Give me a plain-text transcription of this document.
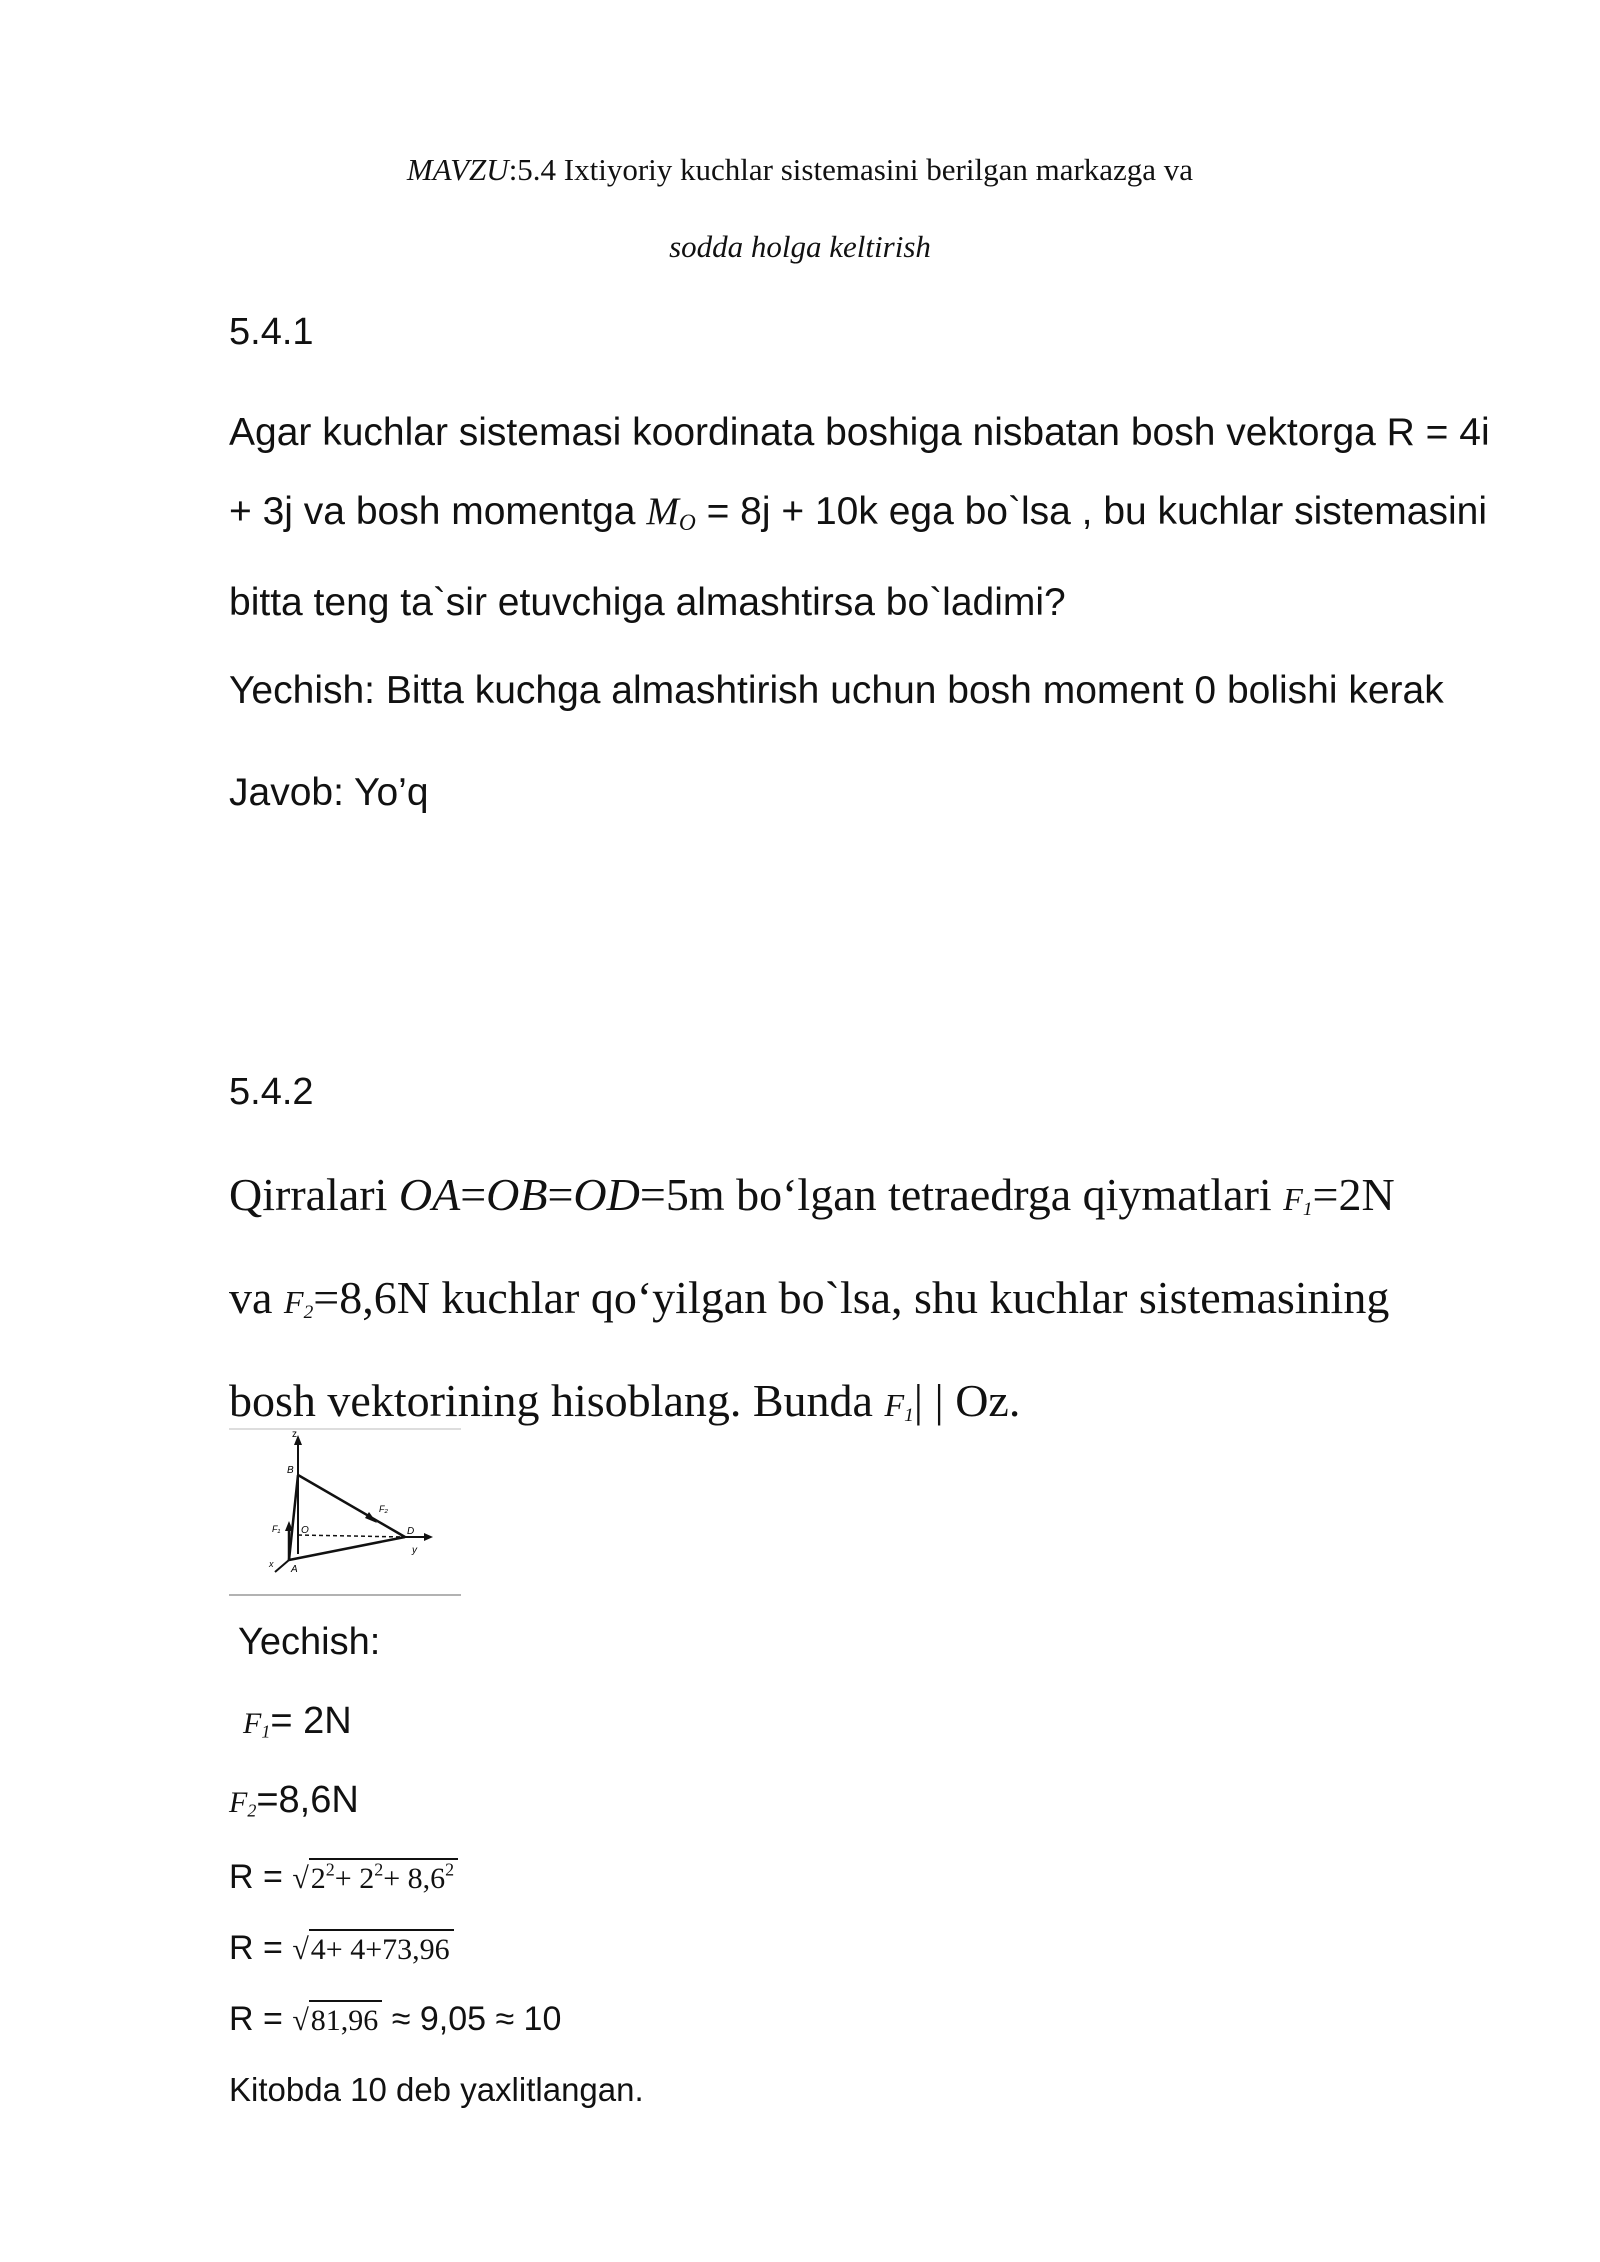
MAVZU:5.4 Ixtiyoriy kuchlar sistemasini berilgan markazga va
sodda holga keltirish
5.4.1
Agar kuchlar sistemasi koordinata boshiga nisbatan bosh vektorga R = 4i
+ 3j va bosh momentga $M_O = 8j + 10k$ ega bo`lsa , bu kuchlar sistemasini
bitta teng ta`sir etuvchiga almashtirsa bo`ladimi?
Yechish: Bitta kuchga almashtirish uchun bosh moment 0 bolishi kerak
Javob: Yo’q
5.4.2
Qirralari OA=OB=OD=5m bo‘lgan tetraedrga qiymatlari $F_1=2N$
va $F_2=8,6N$ kuchlar qo‘yilgan bo`lsa, shu kuchlar sistemasining
bosh vektorining hisoblang. Bunda $F_1|$ | Oz.
z
B
F₁ O
F₂
D
y
x A
Yechish:
$F_1= 2N$
$F_2=8,6N$
$R = √2^2+ 2^2+ 8,6^2$
R = √4+ 4+73,96
R = √81,96 ≈ 9,05 ≈ 10
Kitobda 10 deb yaxlitlangan.
